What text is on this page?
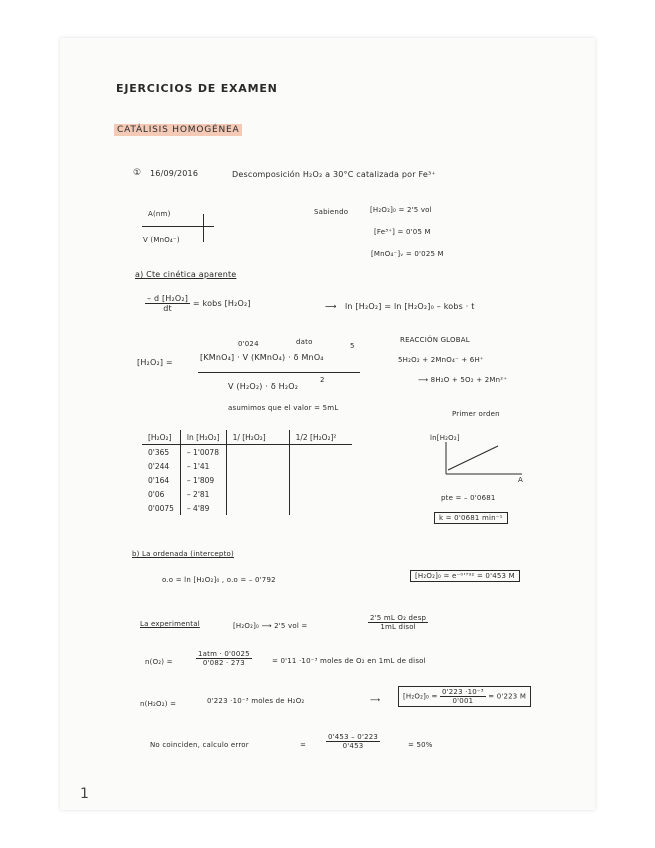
EJERCICIOS DE EXAMEN
CATÁLISIS HOMOGÉNEA
① 16/09/2016	Descomposición H₂O₂ a 30°C catalizada por Fe³⁺
A(nm)
V (MnO₄⁻)
Sabiendo	[H₂O₂]₀ = 2'5 vol
[Fe³⁺] = 0'05 M
[MnO₄⁻]ᵥ = 0'025 M
a) Cte cinética aparente
$\frac{\text{– d [H₂O₂]}}{dt}$ = kobs [H₂O₂]	⟶ ln [H₂O₂] = ln [H₂O₂]₀ – kobs · t
0'024	dato	5
[H₂O₂] =
[KMnO₄] · V (KMnO₄) · δ MnO₄
V (H₂O₂) · δ H₂O₂
2
asumimos que el valor = 5mL
REACCIÓN GLOBAL
5H₂O₂ + 2MnO₄⁻ + 6H⁺
⟶ 8H₂O + 5O₂ + 2Mn²⁺
Primer orden
[H₂O₂]	ln [H₂O₂]	1/ [H₂O₂]	1/2 [H₂O₂]²
0'365	– 1'0078		
0'244	– 1'41		
0'164	– 1'809		
0'06	– 2'81		
0'0075	– 4'89		
ln[H₂O₂]
A
pte = – 0'0681
k = 0'0681 min⁻¹
b) La ordenada (intercepto)
o.o = ln [H₂O₂]₀ , o.o = – 0'792	[H₂O₂]₀ = e⁻⁰'⁷⁹² = 0'453 M
La experimental	[H₂O₂]₀ ⟶ 2'5 vol =	$\frac{\text{2'5 mL O₂ desp}}{\text{1mL disol}}$
n(O₂) =	$\frac{\text{1atm · 0'0025}}{0'082 \cdot 273}$	= 0'11 ·10⁻³ moles de O₂ en 1mL de disol
n(H₂O₂) =	0'223 ·10⁻³ moles de H₂O₂	⟶	$[H_2O_2]_0 = \frac{\text{0'223 ·10⁻³}}{0'001} = 0'223$ M
No coinciden, calculo error	=	$\frac{0'453 - 0'223}{0'453}$	= 50%
1
